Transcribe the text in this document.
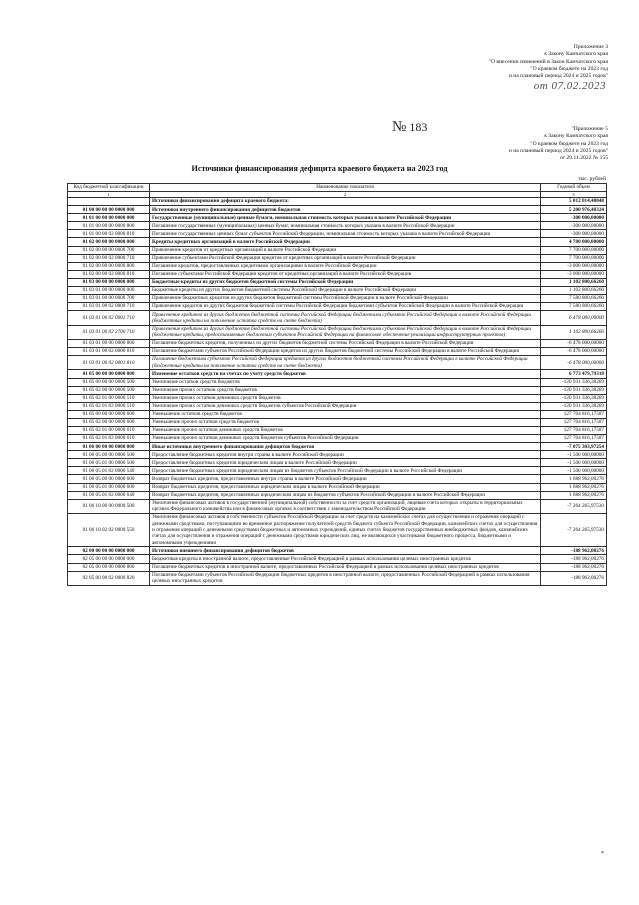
Приложение 3
к Закону Камчатского края
"О внесении изменений в Закон Камчатского края
"О краевом бюджете на 2023 год
и на плановый период 2024 и 2025 годов"
от 07.02.2023
№ 183	"Приложение 5
к Закону Камчатского края
"О краевом бюджете на 2023 год
и на плановый период 2024 и 2025 годов"
от 29.11.2022 № 155
Источники финансирования дефицита краевого бюджета на 2023 год
тыс. рублей
Код бюджетной классификации	Наименование показателя	Годовой объем
1	2	3
	Источники финансирования дефицита краевого бюджета:	5 012 014,48048
01 00 00 00 00 0000 000	Источники внутреннего финансирования дефицитов бюджетов	5 200 976,48324
01 01 00 00 00 0000 000	Государственные (муниципальные) ценные бумаги, номинальная стоимость которых указана в валюте Российской Федерации	-300 000,00000
01 01 00 00 00 0000 800	Погашение государственных (муниципальных) ценных бумаг, номинальная стоимость которых указана в валюте Российской Федерации	-300 000,00000
01 01 00 00 02 0000 810	Погашение государственных ценных бумаг субъектов Российской Федерации, номинальная стоимость которых указана в валюте Российской Федерации	-300 000,00000
01 02 00 00 00 0000 000	Кредиты кредитных организаций в валюте Российской Федерации	4 700 000,00000
01 02 00 00 00 0000 700	Привлечение кредитов от кредитных организаций в валюте Российской Федерации	7 700 000,00000
01 02 00 00 02 0000 710	Привлечение субъектами Российской Федерации кредитов от кредитных организаций в валюте Российской Федерации	7 700 000,00000
01 02 00 00 00 0000 800	Погашение кредитов, предоставленных кредитными организациями в валюте Российской Федерации	-3 000 000,00000
01 02 00 00 02 0000 810	Погашение субъектами Российской Федерации кредитов от кредитных организаций в валюте Российской Федерации	-3 000 000,00000
01 03 00 00 00 0000 000	Бюджетные кредиты из других бюджетов бюджетной системы Российской Федерации	1 102 800,66260
01 03 01 00 00 0000 000	Бюджетные кредиты из других бюджетов бюджетной системы Российской Федерации в валюте Российской Федерации	1 102 800,66260
01 03 01 00 00 0000 700	Привлечение бюджетных кредитов из других бюджетов бюджетной системы Российской Федерации в валюте Российской Федерации	7 580 800,66260
01 03 01 00 02 0000 710	Привлечение кредитов из других бюджетов бюджетной системы Российской Федерации бюджетами субъектов Российской Федерации в валюте Российской Федерации	7 580 800,66260
01 03 01 00 02 0001 710	Привлечение кредитов из других бюджетов бюджетной системы Российской Федерации бюджетами субъектов Российской Федерации в валюте Российской Федерации (бюджетные кредиты на пополнение остатка средств на счете бюджета)	6 478 000,00000
01 03 01 00 02 2700 710	Привлечение кредитов из других бюджетов бюджетной системы Российской Федерации бюджетами субъектов Российской Федерации в валюте Российской Федерации (бюджетные кредиты, предоставляемые бюджетам субъектов Российской Федерации на финансовое обеспечение реализации инфраструктурных проектов)	1 102 800,66260
01 03 01 00 00 0000 800	Погашение бюджетных кредитов, полученных из других бюджетов бюджетной системы Российской Федерации в валюте Российской Федерации	-6 478 000,00000
01 03 01 00 02 0000 810	Погашение бюджетами субъектов Российской Федерации кредитов из других бюджетов бюджетной системы Российской Федерации в валюте Российской Федерации	-6 478 000,00000
01 03 01 00 02 0001 810	Погашение бюджетами субъектов Российской Федерации кредитов из других бюджетов бюджетной системы Российской Федерации в валюте Российской Федерации (бюджетные кредиты на пополнение остатка средств на счете бюджета)	-6 478 000,00000
01 05 00 00 00 0000 000	Изменение остатков средств на счетах по учету средств бюджетов	6 773 479,79318
01 05 00 00 00 0000 500	Увеличение остатков средств бюджетов	-120 931 336,38269
01 05 02 00 00 0000 500	Увеличение прочих остатков средств бюджетов	-120 931 336,38269
01 05 02 01 00 0000 510	Увеличение прочих остатков денежных средств бюджетов	-120 931 336,38269
01 05 02 01 02 0000 510	Увеличение прочих остатков денежных средств бюджетов субъектов Российской Федерации	-120 931 336,38269
01 05 00 00 00 0000 600	Уменьшение остатков средств бюджетов	127 704 816,17587
01 05 02 00 00 0000 600	Уменьшение прочих остатков средств бюджетов	127 704 816,17587
01 05 02 01 00 0000 610	Уменьшение прочих остатков денежных средств бюджетов	127 704 816,17587
01 05 02 01 02 0000 610	Уменьшение прочих остатков денежных средств бюджетов субъектов Российской Федерации	127 704 816,17587
01 06 00 00 00 0000 000	Иные источники внутреннего финансирования дефицитов бюджетов	-7 075 303,97254
01 06 05 00 00 0000 500	Предоставление бюджетных кредитов внутри страны в валюте Российской Федерации	-1 500 000,00000
01 06 05 01 00 0000 500	Предоставление бюджетных кредитов юридическим лицам в валюте Российской Федерации	-1 500 000,00000
01 06 05 01 02 0000 540	Предоставление бюджетных кредитов юридическим лицам из бюджетов субъектов Российской Федерации в валюте Российской Федерации	-1 500 000,00000
01 06 05 00 00 0000 600	Возврат бюджетных кредитов, предоставленных внутри страны в валюте Российской Федерации	1 688 962,00276
01 06 05 01 00 0000 600	Возврат бюджетных кредитов, предоставленных юридическим лицам в валюте Российской Федерации	1 688 962,00276
01 06 05 01 02 0000 640	Возврат бюджетных кредитов, предоставленных юридическим лицам из бюджетов субъектов Российской Федерации в валюте Российской Федерации	1 688 962,00276
01 06 10 00 00 0000 500	Увеличение финансовых активов в государственной (муниципальной) собственности за счет средств организаций, лицевые счета которых открыты в территориальных органах Федерального казначейства или в финансовых органах в соответствии с законодательством Российской Федерации	-7 264 265,97530
01 06 10 02 02 0000 550	Увеличение финансовых активов в собственности субъектов Российской Федерации за счет средств на казначейских счетах для осуществления и отражения операций с денежными средствами, поступающими во временное распоряжение получателей средств бюджета субъекта Российской Федерации, казначейских счетах для осуществления и отражения операций с денежными средствами бюджетных и автономных учреждений, единых счетах бюджетов государственных внебюджетных фондов, казначейских счетах для осуществления и отражения операций с денежными средствами юридических лиц, не являющихся участниками бюджетного процесса, бюджетными и автономными учреждениями	-7 264 265,97530
02 00 00 00 00 0000 000	Источники внешнего финансирования дефицитов бюджетов	-188 962,00276
02 05 00 00 00 0000 000	Бюджетные кредиты в иностранной валюте, предоставленные Российской Федерацией в рамках использования целевых иностранных кредитов	-188 962,00276
02 05 00 00 00 0000 800	Погашение бюджетных кредитов в иностранной валюте, предоставленных Российской Федерацией в рамках использования целевых иностранных кредитов	-188 962,00276
02 05 00 00 02 0000 820	Погашение бюджетами субъектов Российской Федерации бюджетных кредитов в иностранной валюте, предоставленных Российской Федерацией в рамках использования целевых иностранных кредитов	-188 962,00276
*
